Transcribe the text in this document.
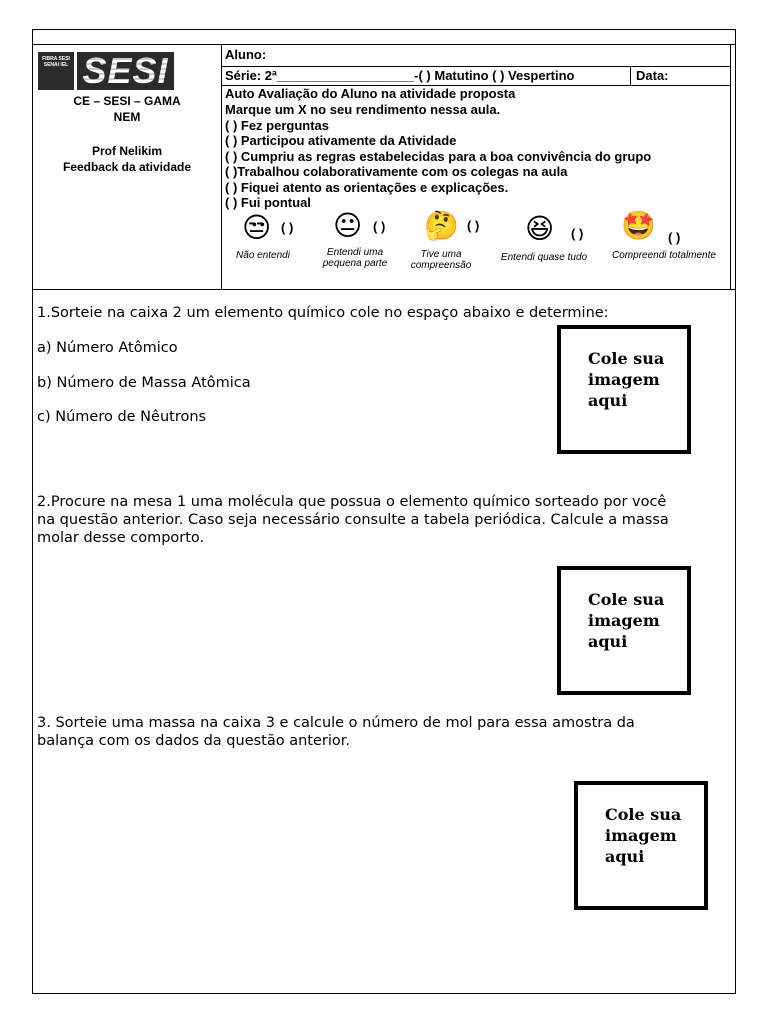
FIBRA SESI SENAI IEL SESI
CE – SESI – GAMA
NEM
Prof Nelikim
Feedback da atividade
Aluno:
Série: 2ª___________________-( ) Matutino ( ) Vespertino	Data:
Auto Avaliação do Aluno na atividade proposta
Marque um X no seu rendimento nessa aula.
( ) Fez perguntas
( ) Participou ativamente da Atividade
( ) Cumpriu as regras estabelecidas para a boa convivência do grupo
( )Trabalhou colaborativamente com os colegas na aula
( ) Fiquei atento as orientações e explicações.
( ) Fui pontual
😒 ( )
Não entendi
😐 ( )
Entendi uma
pequena parte
🤔 ( )
Tive uma
compreensão
😆 ( )
Entendi quase tudo
🤩 ( )
Compreendi totalmente
1.Sorteie na caixa 2 um elemento químico cole no espaço abaixo e determine:
a) Número Atômico
b) Número de Massa Atômica
c) Número de Nêutrons
Cole sua
imagem
aqui
2.Procure na mesa 1 uma molécula que possua o elemento químico sorteado por você
na questão anterior. Caso seja necessário consulte a tabela periódica. Calcule a massa
molar desse comporto.
Cole sua
imagem
aqui
3. Sorteie uma massa na caixa 3 e calcule o número de mol para essa amostra da
balança com os dados da questão anterior.
Cole sua
imagem
aqui
